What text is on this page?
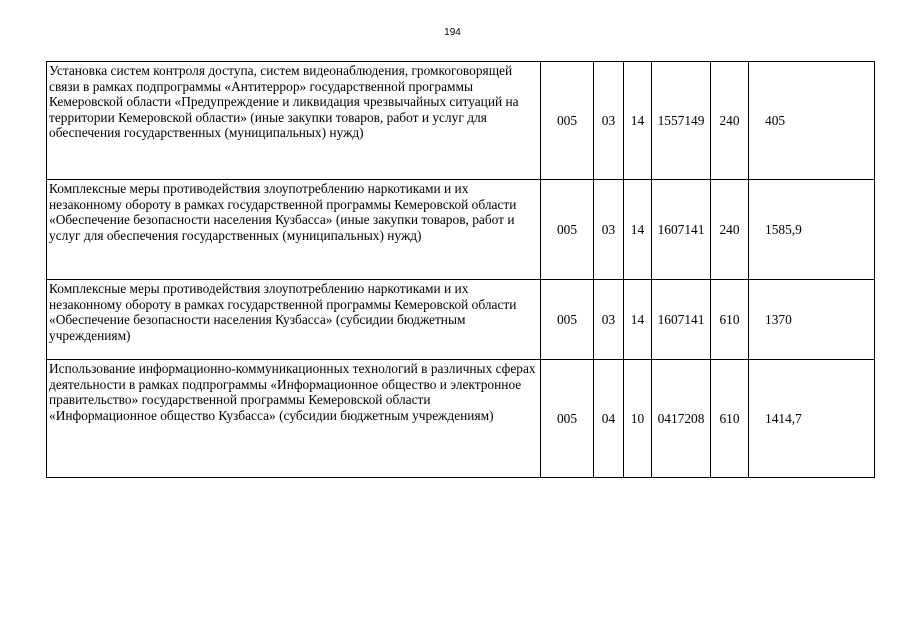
194
Установка систем контроля доступа, систем видеонаблюдения, громкоговорящей связи в рамках подпрограммы «Антитеррор» государственной программы Кемеровской области «Предупреждение и ликвидация чрезвычайных ситуаций на территории Кемеровской области» (иные закупки товаров, работ и услуг для обеспечения государственных (муниципальных) нужд)	005	03	14	1557149	240	405
Комплексные меры противодействия злоупотреблению наркотиками и их незаконному обороту в рамках государственной программы Кемеровской области «Обеспечение безопасности населения Кузбасса» (иные закупки товаров, работ и услуг для обеспечения государственных (муниципальных) нужд)	005	03	14	1607141	240	1585,9
Комплексные меры противодействия злоупотреблению наркотиками и их незаконному обороту в рамках государственной программы Кемеровской области «Обеспечение безопасности населения Кузбасса» (субсидии бюджетным учреждениям)	005	03	14	1607141	610	1370
Использование информационно-коммуникационных технологий в различных сферах деятельности в рамках подпрограммы «Информационное общество и электронное правительство» государственной программы Кемеровской области «Информационное общество Кузбасса» (субсидии бюджетным учреждениям)	005	04	10	0417208	610	1414,7
